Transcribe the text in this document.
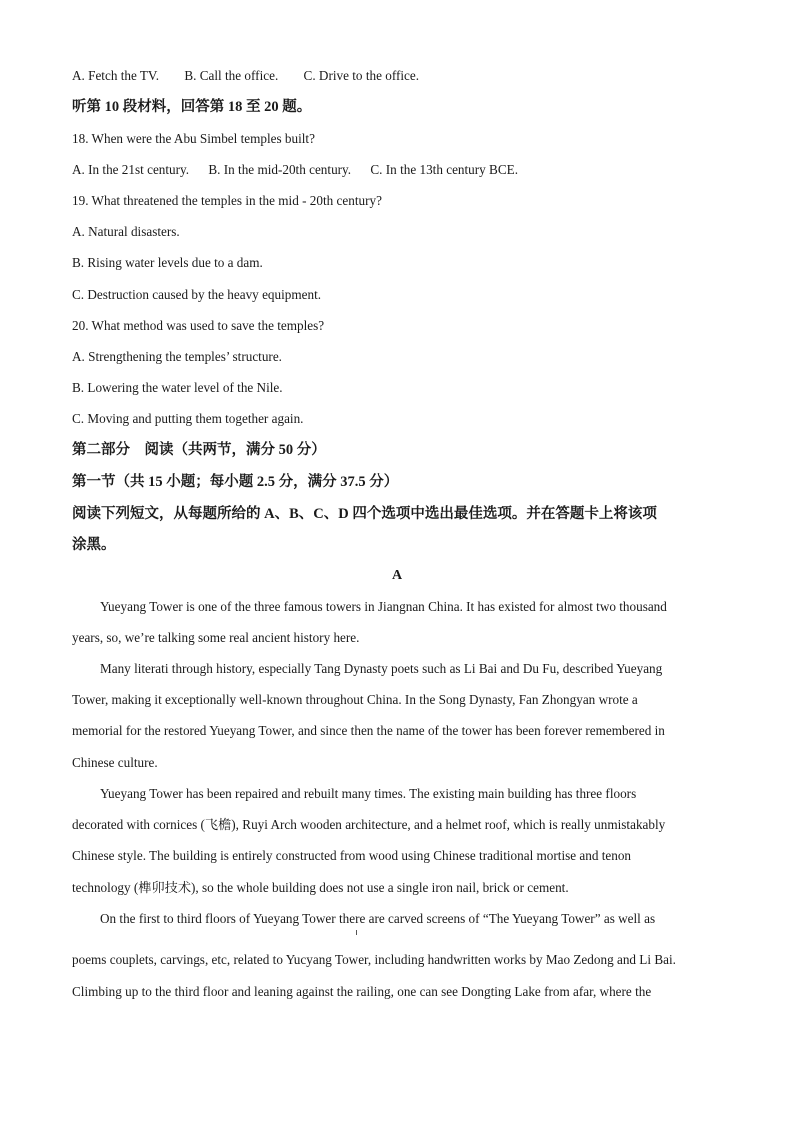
A. Fetch the TV. B. Call the office. C. Drive to the office.
听第 10 段材料，回答第 18 至 20 题。
18. When were the Abu Simbel temples built?
A. In the 21st century. B. In the mid-20th century. C. In the 13th century BCE.
19. What threatened the temples in the mid - 20th century?
A. Natural disasters.
B. Rising water levels due to a dam.
C. Destruction caused by the heavy equipment.
20. What method was used to save the temples?
A. Strengthening the temples’ structure.
B. Lowering the water level of the Nile.
C. Moving and putting them together again.
第二部分　阅读（共两节，满分 50 分）
第一节（共 15 小题；每小题 2.5 分，满分 37.5 分）
阅读下列短文，从每题所给的 A、B、C、D 四个选项中选出最佳选项。并在答题卡上将该项
涂黑。
A
Yueyang Tower is one of the three famous towers in Jiangnan China. It has existed for almost two thousand
years, so, we’re talking some real ancient history here.
Many literati through history, especially Tang Dynasty poets such as Li Bai and Du Fu, described Yueyang
Tower, making it exceptionally well-known throughout China. In the Song Dynasty, Fan Zhongyan wrote a
memorial for the restored Yueyang Tower, and since then the name of the tower has been forever remembered in
Chinese culture.
Yueyang Tower has been repaired and rebuilt many times. The existing main building has three floors
decorated with cornices (飞檐), Ruyi Arch wooden architecture, and a helmet roof, which is really unmistakably
Chinese style. The building is entirely constructed from wood using Chinese traditional mortise and tenon
technology (榫卯技术), so the whole building does not use a single iron nail, brick or cement.
On the first to third floors of Yueyang Tower there are carved screens of “The Yueyang Tower” as well as
poems couplets, carvings, etc, related to Yucyang Tower, including handwritten works by Mao Zedong and Li Bai.
Climbing up to the third floor and leaning against the railing, one can see Dongting Lake from afar, where the
